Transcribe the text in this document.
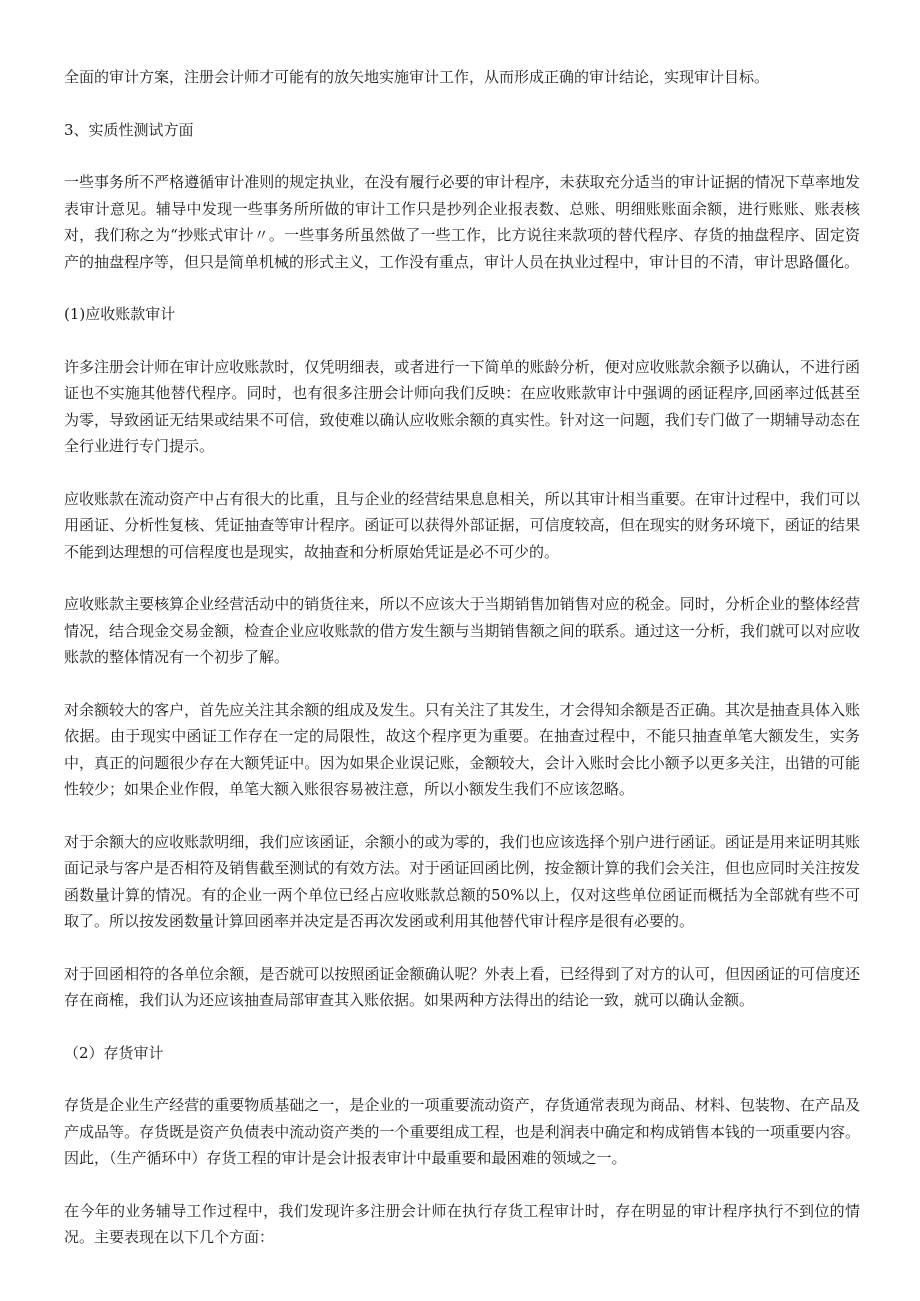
全面的审计方案，注册会计师才可能有的放矢地实施审计工作，从而形成正确的审计结论，实现审计目标。

3、实质性测试方面

一些事务所不严格遵循审计准则的规定执业，在没有履行必要的审计程序，未获取充分适当的审计证据的情况下草率地发表审计意见。辅导中发现一些事务所所做的审计工作只是抄列企业报表数、总账、明细账账面余额，进行账账、账表核对，我们称之为“抄账式审计〃。一些事务所虽然做了一些工作，比方说往来款项的替代程序、存货的抽盘程序、固定资产的抽盘程序等，但只是简单机械的形式主义，工作没有重点，审计人员在执业过程中，审计目的不清，审计思路僵化。

(1)应收账款审计

许多注册会计师在审计应收账款时，仅凭明细表，或者进行一下简单的账龄分析，便对应收账款余额予以确认，不进行函证也不实施其他替代程序。同时，也有很多注册会计师向我们反映：在应收账款审计中强调的函证程序,回函率过低甚至为零，导致函证无结果或结果不可信，致使难以确认应收账余额的真实性。针对这一问题，我们专门做了一期辅导动态在全行业进行专门提示。

应收账款在流动资产中占有很大的比重，且与企业的经营结果息息相关，所以其审计相当重要。在审计过程中，我们可以用函证、分析性复核、凭证抽查等审计程序。函证可以获得外部证据，可信度较高，但在现实的财务环境下，函证的结果不能到达理想的可信程度也是现实，故抽查和分析原始凭证是必不可少的。

应收账款主要核算企业经营活动中的销货往来，所以不应该大于当期销售加销售对应的税金。同时，分析企业的整体经营情况，结合现金交易金额，检查企业应收账款的借方发生额与当期销售额之间的联系。通过这一分析，我们就可以对应收账款的整体情况有一个初步了解。

对余额较大的客户，首先应关注其余额的组成及发生。只有关注了其发生，才会得知余额是否正确。其次是抽查具体入账依据。由于现实中函证工作存在一定的局限性，故这个程序更为重要。在抽查过程中，不能只抽查单笔大额发生，实务中，真正的问题很少存在大额凭证中。因为如果企业误记账，金额较大，会计入账时会比小额予以更多关注，出错的可能性较少；如果企业作假，单笔大额入账很容易被注意，所以小额发生我们不应该忽略。

对于余额大的应收账款明细，我们应该函证，余额小的或为零的，我们也应该选择个别户进行函证。函证是用来证明其账面记录与客户是否相符及销售截至测试的有效方法。对于函证回函比例，按金额计算的我们会关注，但也应同时关注按发函数量计算的情况。有的企业一两个单位已经占应收账款总额的50%以上，仅对这些单位函证而概括为全部就有些不可取了。所以按发函数量计算回函率并决定是否再次发函或利用其他替代审计程序是很有必要的。

对于回函相符的各单位余额，是否就可以按照函证金额确认呢？外表上看，已经得到了对方的认可，但因函证的可信度还存在商榷，我们认为还应该抽查局部审查其入账依据。如果两种方法得出的结论一致，就可以确认金额。

（2）存货审计

存货是企业生产经营的重要物质基础之一，是企业的一项重要流动资产，存货通常表现为商品、材料、包装物、在产品及产成品等。存货既是资产负债表中流动资产类的一个重要组成工程，也是利润表中确定和构成销售本钱的一项重要内容。因此，（生产循环中）存货工程的审计是会计报表审计中最重要和最困难的领域之一。

在今年的业务辅导工作过程中，我们发现许多注册会计师在执行存货工程审计时，存在明显的审计程序执行不到位的情况。主要表现在以下几个方面：
